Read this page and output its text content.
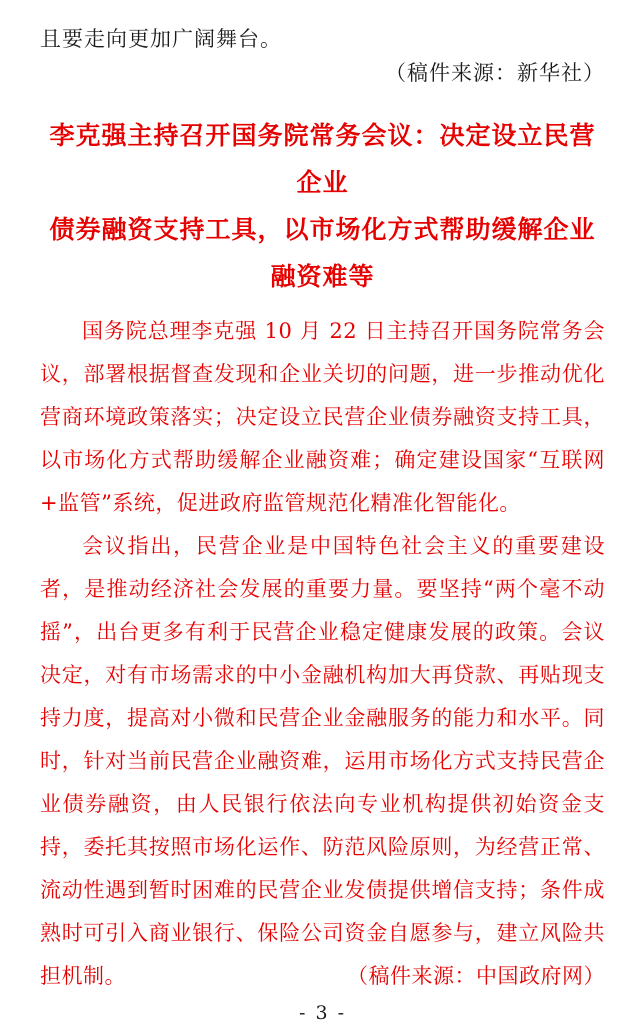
且要走向更加广阔舞台。
（稿件来源：新华社）
李克强主持召开国务院常务会议：决定设立民营企业
债券融资支持工具，以市场化方式帮助缓解企业
融资难等
国务院总理李克强 10 月 22 日主持召开国务院常务会
议，部署根据督查发现和企业关切的问题，进一步推动优化
营商环境政策落实；决定设立民营企业债券融资支持工具，
以市场化方式帮助缓解企业融资难；确定建设国家“互联网
+监管”系统，促进政府监管规范化精准化智能化。
会议指出，民营企业是中国特色社会主义的重要建设
者，是推动经济社会发展的重要力量。要坚持“两个毫不动
摇”，出台更多有利于民营企业稳定健康发展的政策。会议
决定，对有市场需求的中小金融机构加大再贷款、再贴现支
持力度，提高对小微和民营企业金融服务的能力和水平。同
时，针对当前民营企业融资难，运用市场化方式支持民营企
业债券融资，由人民银行依法向专业机构提供初始资金支
持，委托其按照市场化运作、防范风险原则，为经营正常、
流动性遇到暂时困难的民营企业发债提供增信支持；条件成
熟时可引入商业银行、保险公司资金自愿参与，建立风险共
担机制。	（稿件来源：中国政府网）
- 3 -
